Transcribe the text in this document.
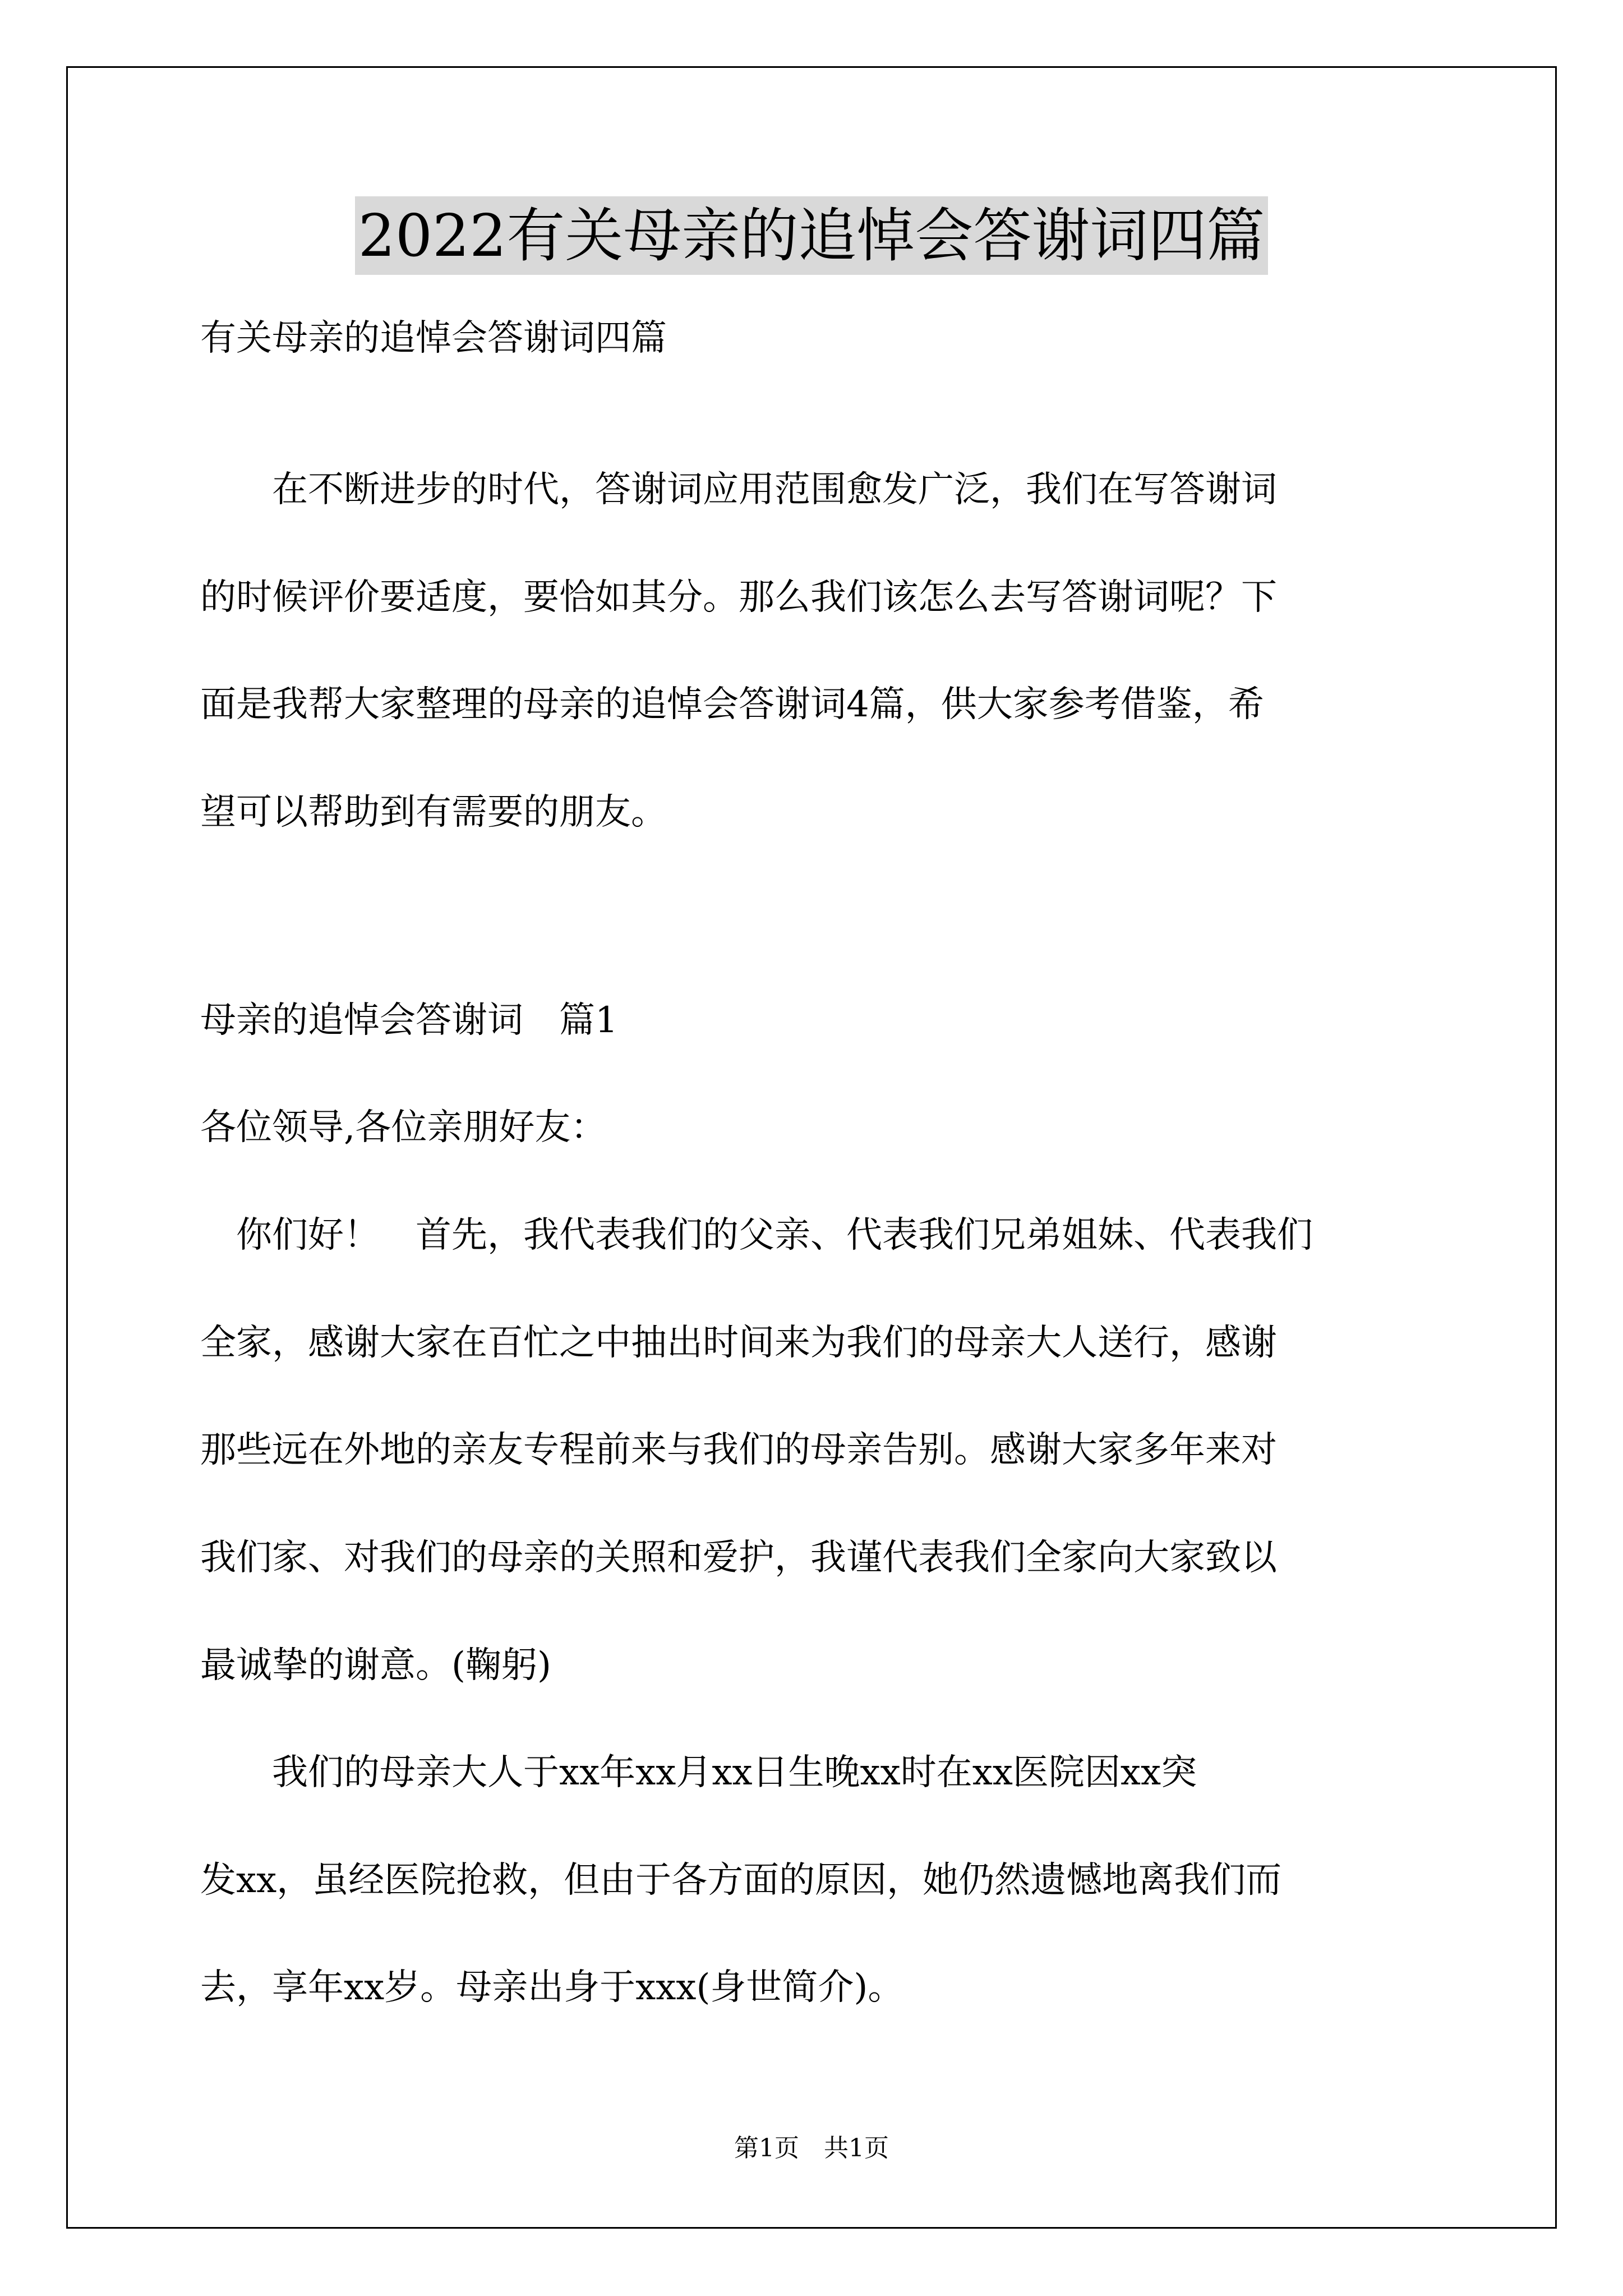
2022有关母亲的追悼会答谢词四篇
有关母亲的追悼会答谢词四篇
　　在不断进步的时代，答谢词应用范围愈发广泛，我们在写答谢词
的时候评价要适度，要恰如其分。那么我们该怎么去写答谢词呢？下
面是我帮大家整理的母亲的追悼会答谢词4篇，供大家参考借鉴，希
望可以帮助到有需要的朋友。
母亲的追悼会答谢词　篇1
各位领导,各位亲朋好友：
　你们好！　首先，我代表我们的父亲、代表我们兄弟姐妹、代表我们
全家，感谢大家在百忙之中抽出时间来为我们的母亲大人送行，感谢
那些远在外地的亲友专程前来与我们的母亲告别。感谢大家多年来对
我们家、对我们的母亲的关照和爱护，我谨代表我们全家向大家致以
最诚挚的谢意。(鞠躬)
　　我们的母亲大人于xx年xx月xx日生晚xx时在xx医院因xx突
发xx，虽经医院抢救，但由于各方面的原因，她仍然遗憾地离我们而
去，享年xx岁。母亲出身于xxx(身世简介)。
第1页　共1页
